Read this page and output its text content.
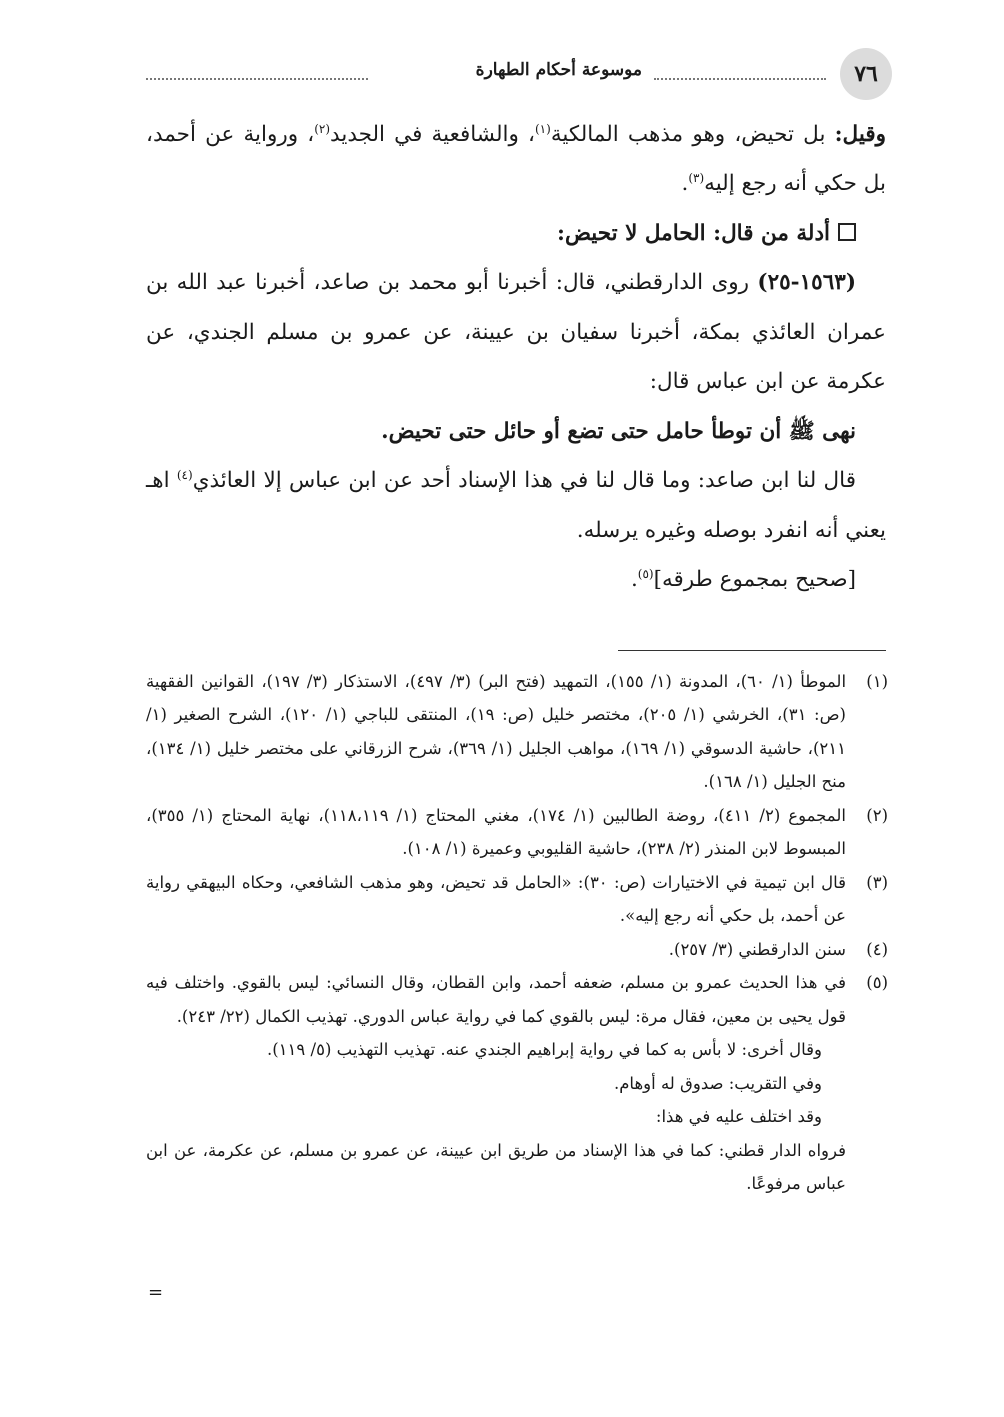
٧٦
موسوعة أحكام الطهارة

وقيل: بل تحيض، وهو مذهب المالكية$^{(١)}$، والشافعية في الجديد$^{(٢)}$، ورواية عن أحمد، بل حكي أنه رجع إليه$^{(٣)}$.

أدلة من قال: الحامل لا تحيض:

(١٥٦٣-٢٥) روى الدارقطني، قال: أخبرنا أبو محمد بن صاعد، أخبرنا عبد الله بن عمران العائذي بمكة، أخبرنا سفيان بن عيينة، عن عمرو بن مسلم الجندي، عن عكرمة عن ابن عباس قال:

نهى ﷺ أن توطأ حامل حتى تضع أو حائل حتى تحيض.

قال لنا ابن صاعد: وما قال لنا في هذا الإسناد أحد عن ابن عباس إلا العائذي$^{(٤)}$ اهـ يعني أنه انفرد بوصله وغيره يرسله.

[صحيح بمجموع طرقه]$^{(٥)}$.

(١)
الموطأ (١/ ٦٠)، المدونة (١/ ١٥٥)، التمهيد (فتح البر) (٣/ ٤٩٧)، الاستذكار (٣/ ١٩٧)، القوانين الفقهية (ص: ٣١)، الخرشي (١/ ٢٠٥)، مختصر خليل (ص: ١٩)، المنتقى للباجي (١/ ١٢٠)، الشرح الصغير (١/ ٢١١)، حاشية الدسوقي (١/ ١٦٩)، مواهب الجليل (١/ ٣٦٩)، شرح الزرقاني على مختصر خليل (١/ ١٣٤)، منح الجليل (١/ ١٦٨).
(٢)
المجموع (٢/ ٤١١)، روضة الطالبين (١/ ١٧٤)، مغني المحتاج (١/ ١١٨،١١٩)، نهاية المحتاج (١/ ٣٥٥)، المبسوط لابن المنذر (٢/ ٢٣٨)، حاشية القليوبي وعميرة (١/ ١٠٨).
(٣)
قال ابن تيمية في الاختيارات (ص: ٣٠): «الحامل قد تحيض، وهو مذهب الشافعي، وحكاه البيهقي رواية عن أحمد، بل حكي أنه رجع إليه».
(٤)
سنن الدارقطني (٣/ ٢٥٧).
(٥)

في هذا الحديث عمرو بن مسلم، ضعفه أحمد، وابن القطان، وقال النسائي: ليس بالقوي. واختلف فيه قول يحيى بن معين، فقال مرة: ليس بالقوي كما في رواية عباس الدوري. تهذيب الكمال (٢٢/ ٢٤٣).

وقال أخرى: لا بأس به كما في رواية إبراهيم الجندي عنه. تهذيب التهذيب (٥/ ١١٩).

وفي التقريب: صدوق له أوهام.

وقد اختلف عليه في هذا:

فرواه الدار قطني: كما في هذا الإسناد من طريق ابن عيينة، عن عمرو بن مسلم، عن عكرمة، عن ابن عباس مرفوعًا.

=
